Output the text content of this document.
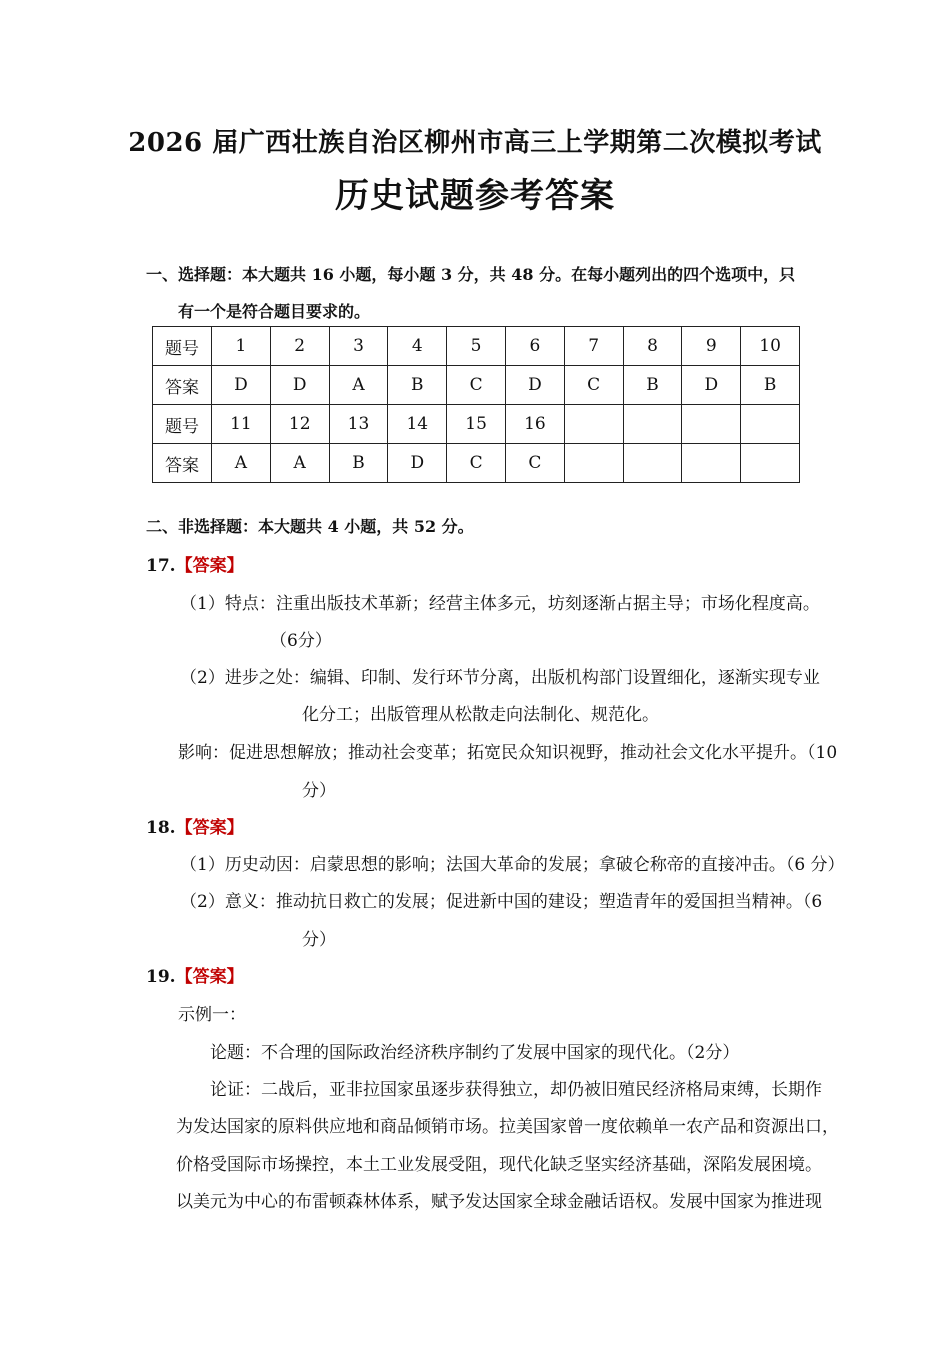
2026 届广西壮族自治区柳州市高三上学期第二次模拟考试
历史试题参考答案
一、选择题：本大题共 16 小题，每小题 3 分，共 48 分。在每小题列出的四个选项中，只
有一个是符合题目要求的。
题号	1	2	3	4	5	6	7	8	9	10
答案	D	D	A	B	C	D	C	B	D	B
题号	11	12	13	14	15	16				
答案	A	A	B	D	C	C				
二、非选择题：本大题共 4 小题，共 52 分。
17.【答案】
（1）特点：注重出版技术革新；经营主体多元，坊刻逐渐占据主导；市场化程度高。
（6分）
（2）进步之处：编辑、印制、发行环节分离，出版机构部门设置细化，逐渐实现专业
化分工；出版管理从松散走向法制化、规范化。
影响：促进思想解放；推动社会变革；拓宽民众知识视野，推动社会文化水平提升。（10
分）
18.【答案】
（1）历史动因：启蒙思想的影响；法国大革命的发展；拿破仑称帝的直接冲击。（6 分）
（2）意义：推动抗日救亡的发展；促进新中国的建设；塑造青年的爱国担当精神。（6
分）
19.【答案】
示例一：
论题：不合理的国际政治经济秩序制约了发展中国家的现代化。（2分）
论证：二战后，亚非拉国家虽逐步获得独立，却仍被旧殖民经济格局束缚，长期作
为发达国家的原料供应地和商品倾销市场。拉美国家曾一度依赖单一农产品和资源出口，
价格受国际市场操控，本土工业发展受阻，现代化缺乏坚实经济基础，深陷发展困境。
以美元为中心的布雷顿森林体系，赋予发达国家全球金融话语权。发展中国家为推进现
